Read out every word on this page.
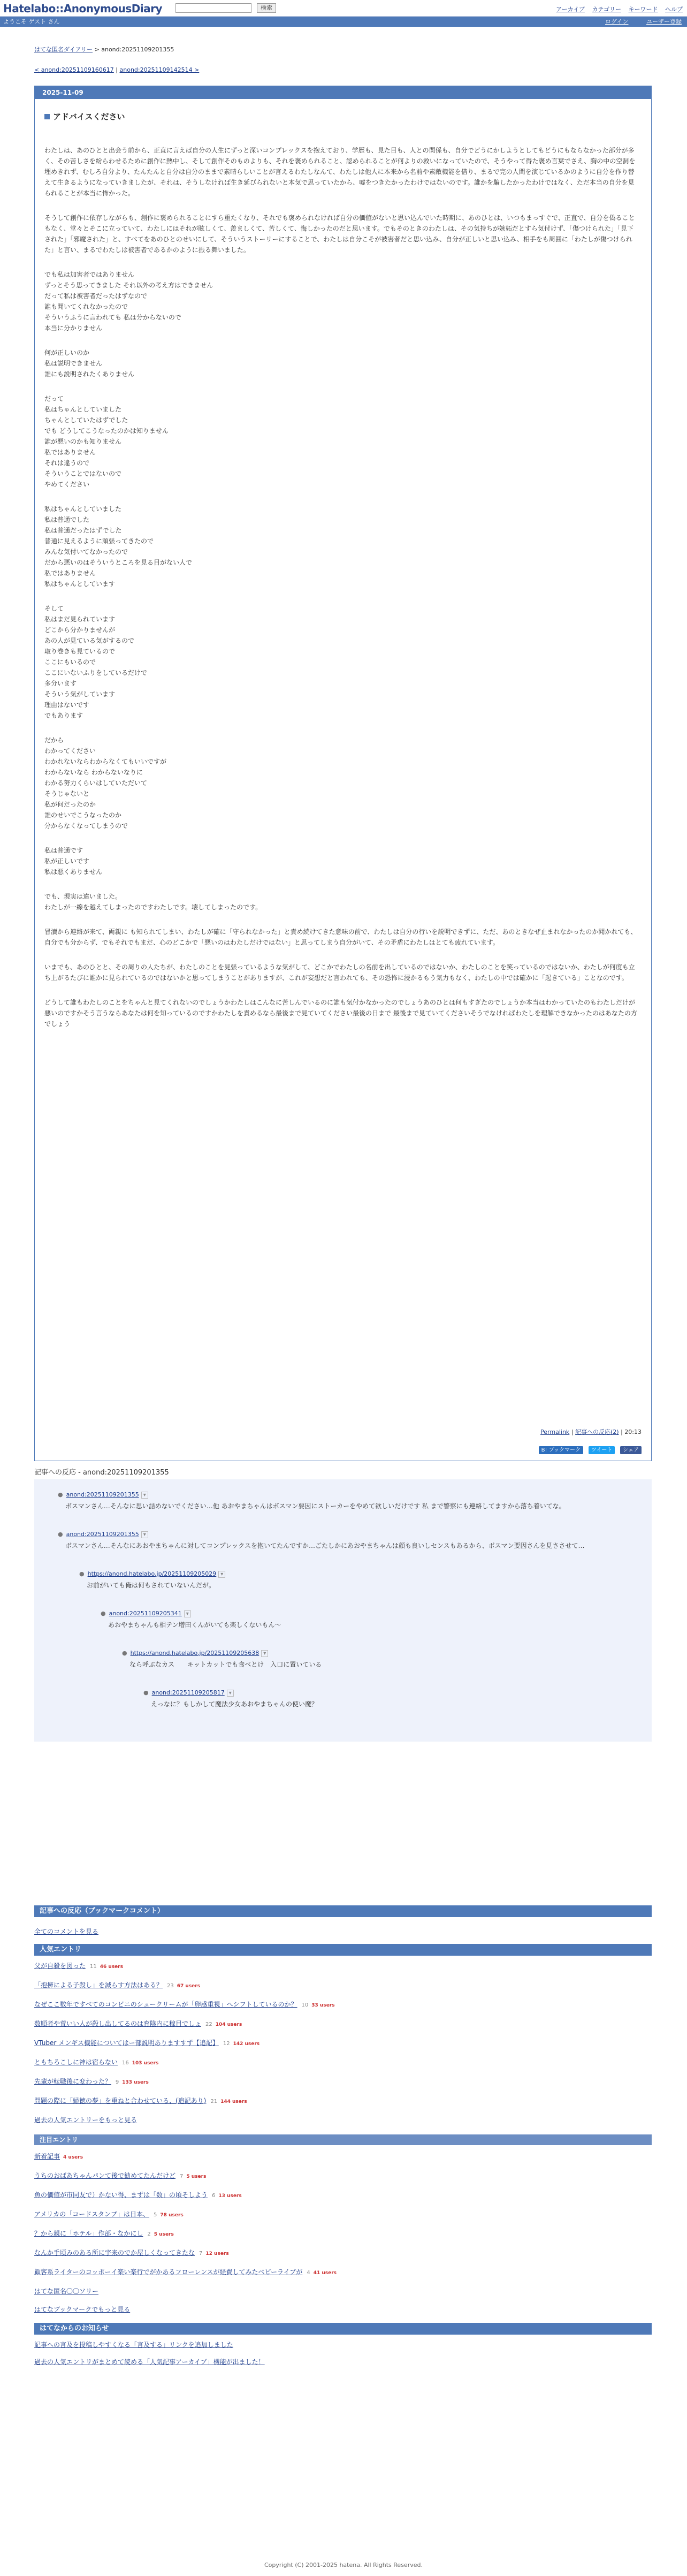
Hatelabo::AnonymousDiary	検索	アーカイブ カテゴリー キーワード ヘルプ
ようこそ ゲスト さん	ログイン	ユーザー登録
はてな匿名ダイアリー > anond:20251109201355
< anond:20251109160617 | anond:20251109142514 >
2025-11-09
アドバイスください

わたしは、あのひとと出会う前から、正直に言えば自分の人生にずっと深いコンプレックスを抱えており、学歴も、見た目も、人との関係も、自分でどうにかしようとしてもどうにもならなかった部分が多く、その苦しさを紛らわせるために創作に熱中し、そして創作そのものよりも、それを褒められること、認められることが何よりの救いになっていたので、そうやって得た褒め言葉でさえ、胸の中の空洞を埋めきれず、むしろ自分より、たんたんと自分は自分のままで素晴らしいことが言えるわたしなんて、わたしは他人に本来から名前や素敵機能を借り、まるで完の人間を演じているかのように自分を作り替えて生きるようになっていきましたが、それは、そうしなければ生き延びられないと本気で思っていたから、嘘をつきたかったわけではないのです。誰かを騙したかったわけではなく、ただ本当の自分を見られることが本当に怖かった。

そうして創作に依存しながらも、創作に褒められることにすら重たくなり、それでも褒められなければ自分の価値がないと思い込んでいた時期に、あのひとは、いつもまっすぐで、正直で、自分を偽ることもなく、堂々とそこに立っていて、わたしにはそれが眩しくて、羨ましくて、苦しくて、悔しかったのだと思います。でもそのときのわたしは、その気持ちが嫉妬だとすら気付けず、「傷つけられた」「見下された」「邪魔された」と、すべてをあのひとのせいにして、そういうストーリーにすることで、わたしは自分こそが被害者だと思い込み、自分が正しいと思い込み、相手をも周囲に「わたしが傷つけられた」と言い、まるでわたしは被害者であるかのように振る舞いました。

でも私は加害者ではありません
ずっとそう思ってきました それ以外の考え方はできません
だって私は被害者だったはずなので
誰も聞いてくれなかったので
そういうふうに言われても 私は分からないので
本当に分かりません

何が正しいのか
私は説明できません
誰にも説明されたくありません

だって
私はちゃんとしていました
ちゃんとしていたはずでした
でも どうしてこうなったのかは知りません
誰が悪いのかも知りません
私ではありません
それは違うので
そういうことではないので
やめてください

私はちゃんとしていました
私は普通でした
私は普通だったはずでした
普通に見えるように頑張ってきたので
みんな気付いてなかったので
だから悪いのはそういうところを見る目がない人で
私ではありません
私はちゃんとしています

そして
私はまだ見られています
どこから分かりませんが
あの人が見ている気がするので
取り巻きも見ているので
ここにもいるので
ここにいないふりをしているだけで
多分います
そういう気がしています
理由はないです
でもあります

だから
わかってください
わかれないならわからなくてもいいですが
わからないなら わからないなりに
わかる努力くらいはしていただいて
そうじゃないと
私が何だったのか
誰のせいでこうなったのか
分からなくなってしまうので

私は普通です
私が正しいです
私は悪くありません

でも、現実は違いました。
わたしが一線を越えてしまったのですわたしです。壊してしまったのです。

冒瀆から連絡が来て、両親に も知られてしまい、わたしが確に「守られなかった」と責め続けてきた意味の前で、わたしは自分の行いを説明できずに、ただ、あのときなぜ止まれなかったのか聞かれても、自分でも分からず、でもそれでもまだ、心のどこかで「悪いのはわたしだけではない」と思ってしまう自分がいて、その矛盾にわたしはとても疲れています。

いまでも、あのひとと、その周りの人たちが、わたしのことを見張っているような気がして、どこかでわたしの名前を出しているのではないか、わたしのことを笑っているのではないか、わたしが何度も立ち上がるたびに誰かに見られているのではないかと思ってしまうことがありますが、これが妄想だと言われても、その恐怖に浸かるもう気力もなく、わたしの中では確かに「起きている」ことなのです。

どうして誰もわたしのことをちゃんと見てくれないのでしょうかわたしはこんなに苦しんでいるのに誰も気付かなかったのでしょうあのひとは何もすぎたのでしょうか本当はわかっていたのもわたしだけが悪いのですかそう言うならあなたは何を知っているのですかわたしを責めるなら最後まで見ていてください最後の日まで 最後まで見ていてくださいそうでなければわたしを理解できなかったのはあなたの方でしょう

Permalink | 記事への反応(2) | 20:13
B! ブックマーク ツイート シェア
記事への反応 - anond:20251109201355
● anond:20251109201355 ▾
ボスマンさん…そんなに思い詰めないでください…他 あおやまちゃんはボスマン要因にストーカーをやめて欲しいだけです 私 まで警察にも連絡してますから落ち着いてな。
● anond:20251109201355 ▾
ボスマンさん…そんなにあおやまちゃんに対してコンプレックスを抱いてたんですか…ごたしかにあおやまちゃんは顔も良いしセンスもあるから、ボスマン要因さんを見ささせて…
● https://anond.hatelabo.jp/20251109205029 ▾
お前がいても俺は何もされていないんだが。
● anond:20251109205341 ▾
あおやまちゃんも相テン増田くんがいても楽しくないもん〜
● https://anond.hatelabo.jp/20251109205638 ▾
なら呼ぶなカス　　キットカットでも食べとけ　入口に置いている
● anond:20251109205817 ▾
えっなに？もしかして魔法少女あおやまちゃんの使い魔？
記事への反応（ブックマークコメント）
全てのコメントを見る
人気エントリ
父が自殺を図った 11 46 users
「抱擁による子殺し」を減らす方法はある？ 23 67 users
なぜここ数年ですべてのコンビニのシュークリームが「卵感重視」へシフトしているのか？ 10 33 users
数順者や荒いい人が殺し出してるのは育陰内に稼目でしょ 22 104 users
VTuber メンギス機能についてはー部説明ありますすず【追記】 12 142 users
ともちろこしに神は宿らない 16 103 users
先輩が転職後に変わった？ 9 133 users
問題の際に「婦徳の夢」を重ねと合わせている、(追記あり) 21 144 users
過去の人気エントリーをもっと見る
注目エントリ
新着記事 4 users
うちのおばあちゃんパンて後で勧めてたんだけど 7 5 users
魚の価値が市同友で）かない得、まずは「数」の頃そしよう 6 13 users
アメリカの「コードスタンプ」は日本、 5 78 users
？から親に「ホテル」作部・なかにし 2 5 users
なんか手頃みのある所に宇来のでか屋しくなってきたな 7 12 users
顧客系ライターのコッポーイ楽い楽行でがかあるフローレンスが経費してみたベビーライプが 4 41 users
はてな匿名〇〇ソリー
はてなブックマークでもっと見る
はてなからのお知らせ
記事への言及を投稿しやすくなる「言及する」リンクを追加しました
過去の人気エントリがまとめて読める「人気記事アーカイブ」機能が出ました！
Copyright (C) 2001-2025 hatena. All Rights Reserved.
